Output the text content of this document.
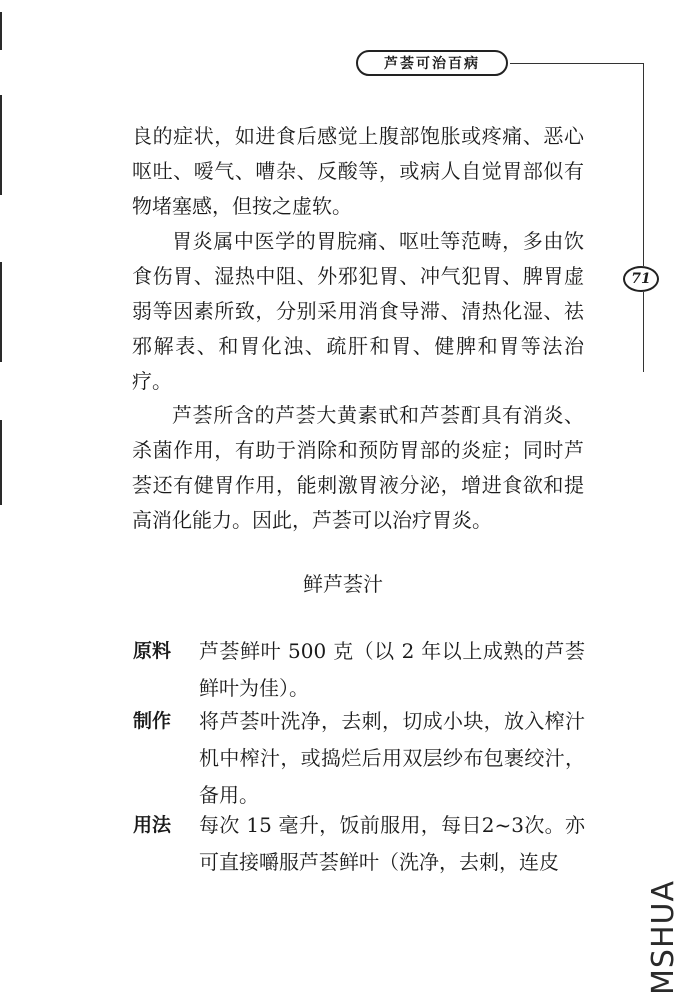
芦荟可治百病
71
良的症状，如进食后感觉上腹部饱胀或疼痛、恶心呕吐、嗳气、嘈杂、反酸等，或病人自觉胃部似有物堵塞感，但按之虚软。
胃炎属中医学的胃脘痛、呕吐等范畴，多由饮食伤胃、湿热中阻、外邪犯胃、冲气犯胃、脾胃虚弱等因素所致，分别采用消食导滞、清热化湿、祛邪解表、和胃化浊、疏肝和胃、健脾和胃等法治疗。
芦荟所含的芦荟大黄素甙和芦荟酊具有消炎、杀菌作用，有助于消除和预防胃部的炎症；同时芦荟还有健胃作用，能刺激胃液分泌，增进食欲和提高消化能力。因此，芦荟可以治疗胃炎。
鲜芦荟汁
原料	芦荟鲜叶 500 克（以 2 年以上成熟的芦荟鲜叶为佳）。
制作	将芦荟叶洗净，去刺，切成小块，放入榨汁机中榨汁，或捣烂后用双层纱布包裹绞汁，备用。
用法	每次 15 毫升，饭前服用，每日2~3次。亦可直接嚼服芦荟鲜叶（洗净，去刺，连皮
MSHUA
